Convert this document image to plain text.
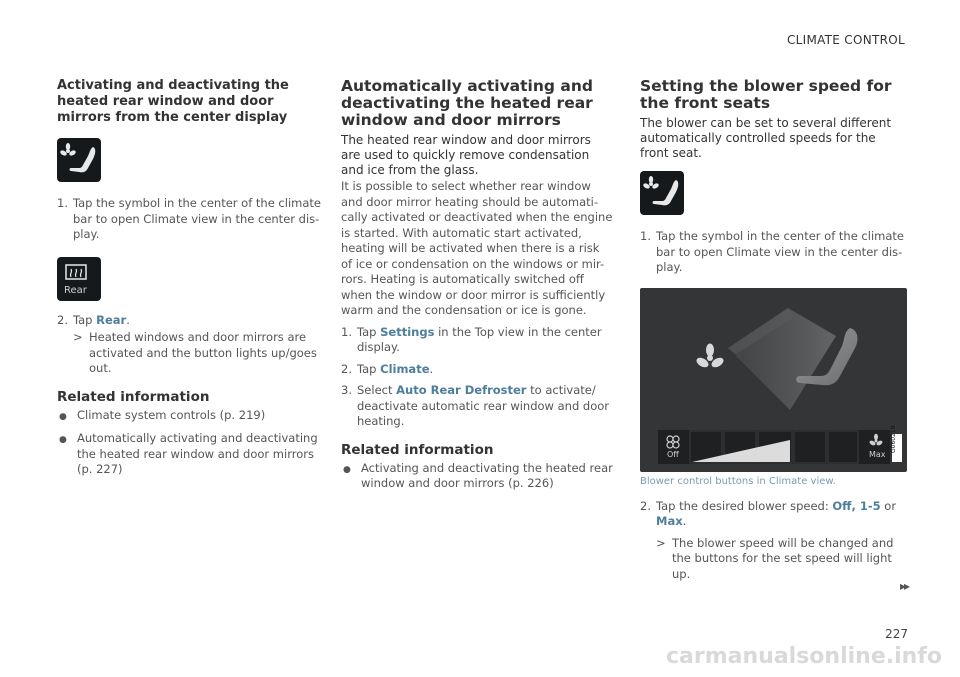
CLIMATE CONTROL
Activating and deactivating the heated rear window and door mirrors from the center display
1. Tap the symbol in the center of the climate bar to open Climate view in the center dis-play.
Rear
2. Tap Rear.
> Heated windows and door mirrors are activated and the button lights up/goes out.
Related information
● Climate system controls (p. 219)
● Automatically activating and deactivating the heated rear window and door mirrors (p. 227)
Automatically activating and deactivating the heated rear window and door mirrors
The heated rear window and door mirrors are used to quickly remove condensation and ice from the glass.

It is possible to select whether rear window and door mirror heating should be automati-cally activated or deactivated when the engine is started. With automatic start activated, heating will be activated when there is a risk of ice or condensation on the windows or mir-rors. Heating is automatically switched off when the window or door mirror is sufficiently warm and the condensation or ice is gone.

1. Tap Settings in the Top view in the center display.
2. Tap Climate.
3. Select Auto Rear Defroster to activate/ deactivate automatic rear window and door heating.
Related information
● Activating and deactivating the heated rear window and door mirrors (p. 226)
Setting the blower speed for the front seats
The blower can be set to several different automatically controlled speeds for the front seat.
1. Tap the symbol in the center of the climate bar to open Climate view in the center dis-play.
Off	Max
G060219
Blower control buttons in Climate view.
2. Tap the desired blower speed: Off, 1-5 or Max.
> The blower speed will be changed and the buttons for the set speed will light up.
▸▸
227
carmanualsonline.info
